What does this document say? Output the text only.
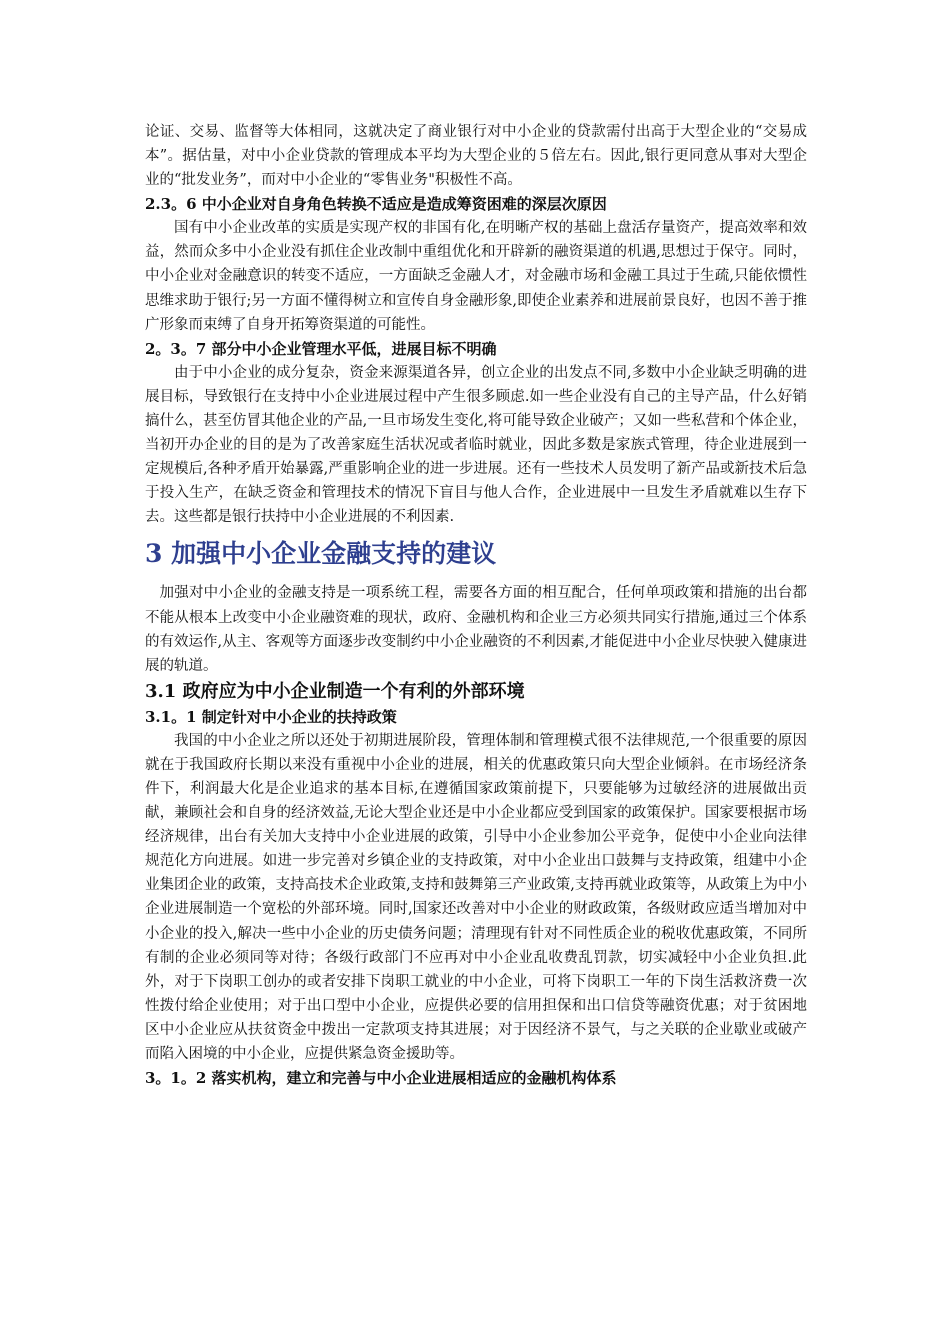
论证、交易、监督等大体相同，这就决定了商业银行对中小企业的贷款需付出高于大型企业的“交易成本”。据估量，对中小企业贷款的管理成本平均为大型企业的５倍左右。因此,银行更同意从事对大型企业的“批发业务”，而对中小企业的“零售业务"积极性不高。

2.3。6 中小企业对自身角色转换不适应是造成筹资困难的深层次原因

国有中小企业改革的实质是实现产权的非国有化,在明晰产权的基础上盘活存量资产，提高效率和效益，然而众多中小企业没有抓住企业改制中重组优化和开辟新的融资渠道的机遇,思想过于保守。同时，中小企业对金融意识的转变不适应，一方面缺乏金融人才，对金融市场和金融工具过于生疏,只能依惯性思维求助于银行;另一方面不懂得树立和宣传自身金融形象,即使企业素养和进展前景良好，也因不善于推广形象而束缚了自身开拓筹资渠道的可能性。

2。3。7 部分中小企业管理水平低，进展目标不明确

由于中小企业的成分复杂，资金来源渠道各异，创立企业的出发点不同,多数中小企业缺乏明确的进展目标，导致银行在支持中小企业进展过程中产生很多顾虑.如一些企业没有自己的主导产品，什么好销搞什么，甚至仿冒其他企业的产品,一旦市场发生变化,将可能导致企业破产；又如一些私营和个体企业，当初开办企业的目的是为了改善家庭生活状况或者临时就业，因此多数是家族式管理，待企业进展到一定规模后,各种矛盾开始暴露,严重影响企业的进一步进展。还有一些技术人员发明了新产品或新技术后急于投入生产，在缺乏资金和管理技术的情况下盲目与他人合作，企业进展中一旦发生矛盾就难以生存下去。这些都是银行扶持中小企业进展的不利因素.

3 加强中小企业金融支持的建议

加强对中小企业的金融支持是一项系统工程，需要各方面的相互配合，任何单项政策和措施的出台都不能从根本上改变中小企业融资难的现状，政府、金融机构和企业三方必须共同实行措施,通过三个体系的有效运作,从主、客观等方面逐步改变制约中小企业融资的不利因素,才能促进中小企业尽快驶入健康进展的轨道。

3.1 政府应为中小企业制造一个有利的外部环境
3.1。1 制定针对中小企业的扶持政策

我国的中小企业之所以还处于初期进展阶段，管理体制和管理模式很不法律规范,一个很重要的原因就在于我国政府长期以来没有重视中小企业的进展，相关的优惠政策只向大型企业倾斜。在市场经济条件下，利润最大化是企业追求的基本目标,在遵循国家政策前提下，只要能够为过敏经济的进展做出贡献，兼顾社会和自身的经济效益,无论大型企业还是中小企业都应受到国家的政策保护。国家要根据市场经济规律，出台有关加大支持中小企业进展的政策，引导中小企业参加公平竞争，促使中小企业向法律规范化方向进展。如进一步完善对乡镇企业的支持政策，对中小企业出口鼓舞与支持政策，组建中小企业集团企业的政策，支持高技术企业政策,支持和鼓舞第三产业政策,支持再就业政策等，从政策上为中小企业进展制造一个宽松的外部环境。同时,国家还改善对中小企业的财政政策，各级财政应适当增加对中小企业的投入,解决一些中小企业的历史债务问题；清理现有针对不同性质企业的税收优惠政策，不同所有制的企业必须同等对待；各级行政部门不应再对中小企业乱收费乱罚款，切实减轻中小企业负担.此外，对于下岗职工创办的或者安排下岗职工就业的中小企业，可将下岗职工一年的下岗生活救济费一次性拨付给企业使用；对于出口型中小企业，应提供必要的信用担保和出口信贷等融资优惠；对于贫困地区中小企业应从扶贫资金中拨出一定款项支持其进展；对于因经济不景气，与之关联的企业歇业或破产而陷入困境的中小企业，应提供紧急资金援助等。

3。1。2 落实机构，建立和完善与中小企业进展相适应的金融机构体系
